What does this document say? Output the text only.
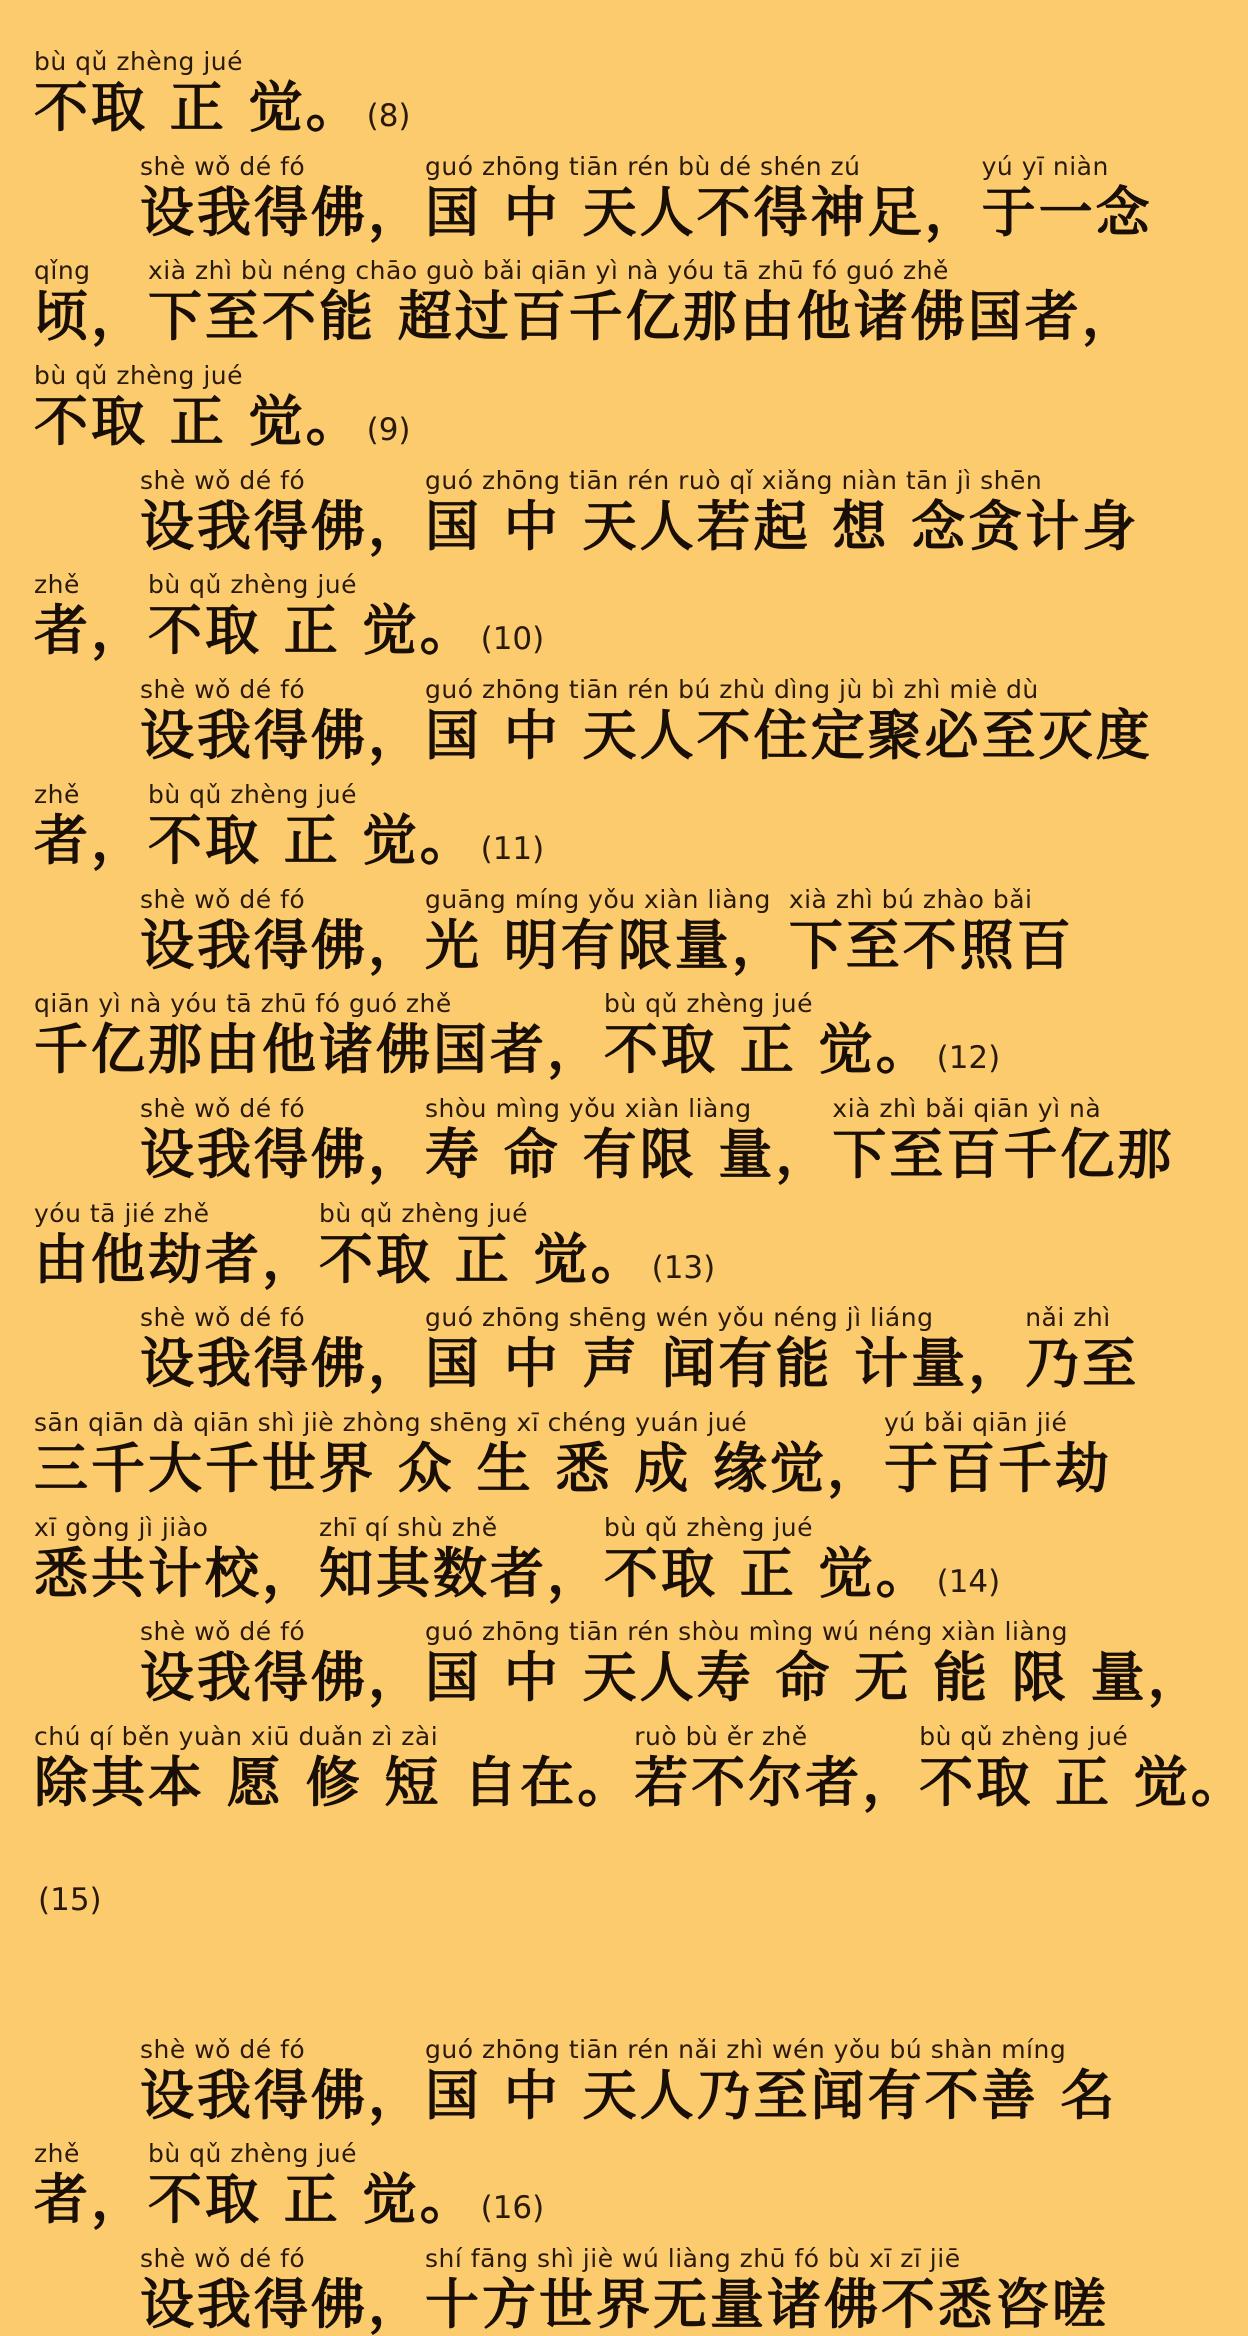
bù qǔ zhèng jué
不取 正 觉。 (8)
shè wǒ dé fó
设我得佛，
guó zhōng tiān rén bù dé shén zú
国 中 天人不得神足，
yú yī niàn
于一念
qǐng
顷，
xià zhì bù néng chāo guò bǎi qiān yì nà yóu tā zhū fó guó zhě
下至不能 超过百千亿那由他诸佛国者，
bù qǔ zhèng jué
不取 正 觉。 (9)
shè wǒ dé fó
设我得佛，
guó zhōng tiān rén ruò qǐ xiǎng niàn tān jì shēn
国 中 天人若起 想 念贪计身
zhě
者，
bù qǔ zhèng jué
不取 正 觉。 (10)
shè wǒ dé fó
设我得佛，
guó zhōng tiān rén bú zhù dìng jù bì zhì miè dù
国 中 天人不住定聚必至灭度
zhě
者，
bù qǔ zhèng jué
不取 正 觉。 (11)
shè wǒ dé fó
设我得佛，
guāng míng yǒu xiàn liàng
光 明有限量，
xià zhì bú zhào bǎi
下至不照百
qiān yì nà yóu tā zhū fó guó zhě
千亿那由他诸佛国者，
bù qǔ zhèng jué
不取 正 觉。 (12)
shè wǒ dé fó
设我得佛，
shòu mìng yǒu xiàn liàng
寿 命 有限 量，
xià zhì bǎi qiān yì nà
下至百千亿那
yóu tā jié zhě
由他劫者，
bù qǔ zhèng jué
不取 正 觉。 (13)
shè wǒ dé fó
设我得佛，
guó zhōng shēng wén yǒu néng jì liáng
国 中 声 闻有能 计量，
nǎi zhì
乃至
sān qiān dà qiān shì jiè zhòng shēng xī chéng yuán jué
三千大千世界 众 生 悉 成 缘觉，
yú bǎi qiān jié
于百千劫
xī gòng jì jiào
悉共计校，
zhī qí shù zhě
知其数者，
bù qǔ zhèng jué
不取 正 觉。 (14)
shè wǒ dé fó
设我得佛，
guó zhōng tiān rén shòu mìng wú néng xiàn liàng
国 中 天人寿 命 无 能 限 量，
chú qí běn yuàn xiū duǎn zì zài
除其本 愿 修 短 自在。
ruò bù ěr zhě
若不尔者，
bù qǔ zhèng jué
不取 正 觉。
(15)
shè wǒ dé fó
设我得佛，
guó zhōng tiān rén nǎi zhì wén yǒu bú shàn míng
国 中 天人乃至闻有不善 名
zhě
者，
bù qǔ zhèng jué
不取 正 觉。 (16)
shè wǒ dé fó
设我得佛，
shí fāng shì jiè wú liàng zhū fó bù xī zī jiē
十方世界无量诸佛不悉咨嗟
